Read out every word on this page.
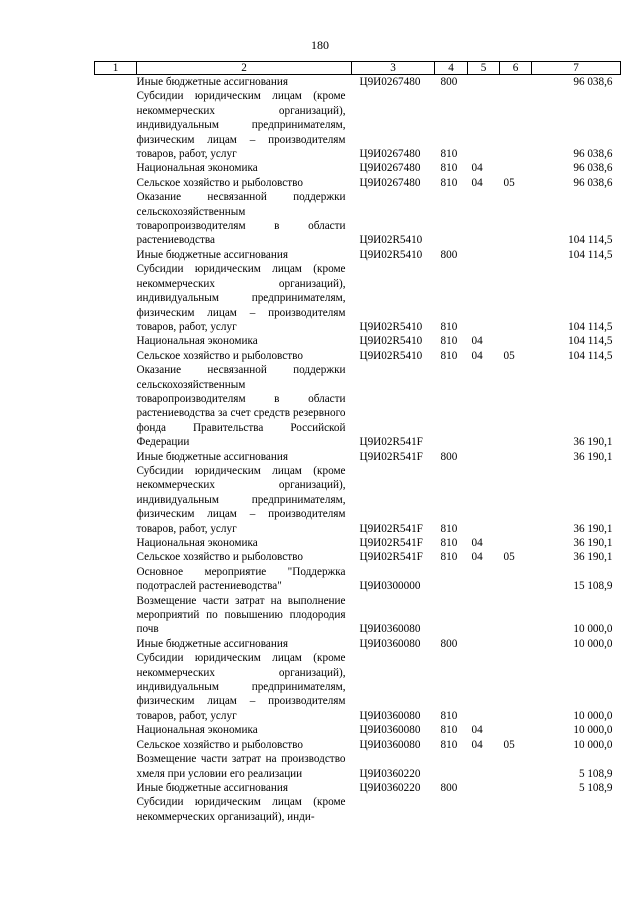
180
1	2	3	4	5	6	7
	Иные бюджетные ассигнования	Ц9И0267480	800			96 038,6
	Субсидии юридическим лицам (кроме некоммерческих организаций), индивидуальным предпринимателям, физическим лицам – производителям товаров, работ, услуг	Ц9И0267480	810			96 038,6
	Национальная экономика	Ц9И0267480	810	04		96 038,6
	Сельское хозяйство и рыболовство	Ц9И0267480	810	04	05	96 038,6
	Оказание несвязанной поддержки сельскохозяйственным товаропроизводителям в области растениеводства	Ц9И02R5410				104 114,5
	Иные бюджетные ассигнования	Ц9И02R5410	800			104 114,5
	Субсидии юридическим лицам (кроме некоммерческих организаций), индивидуальным предпринимателям, физическим лицам – производителям товаров, работ, услуг	Ц9И02R5410	810			104 114,5
	Национальная экономика	Ц9И02R5410	810	04		104 114,5
	Сельское хозяйство и рыболовство	Ц9И02R5410	810	04	05	104 114,5
	Оказание несвязанной поддержки сельскохозяйственным товаропроизводителям в области растениеводства за счет средств резервного фонда Правительства Российской Федерации	Ц9И02R541F				36 190,1
	Иные бюджетные ассигнования	Ц9И02R541F	800			36 190,1
	Субсидии юридическим лицам (кроме некоммерческих организаций), индивидуальным предпринимателям, физическим лицам – производителям товаров, работ, услуг	Ц9И02R541F	810			36 190,1
	Национальная экономика	Ц9И02R541F	810	04		36 190,1
	Сельское хозяйство и рыболовство	Ц9И02R541F	810	04	05	36 190,1
	Основное мероприятие "Поддержка подотраслей растениеводства"	Ц9И0300000				15 108,9
	Возмещение части затрат на выполнение мероприятий по повышению плодородия почв	Ц9И0360080				10 000,0
	Иные бюджетные ассигнования	Ц9И0360080	800			10 000,0
	Субсидии юридическим лицам (кроме некоммерческих организаций), индивидуальным предпринимателям, физическим лицам – производителям товаров, работ, услуг	Ц9И0360080	810			10 000,0
	Национальная экономика	Ц9И0360080	810	04		10 000,0
	Сельское хозяйство и рыболовство	Ц9И0360080	810	04	05	10 000,0
	Возмещение части затрат на производство хмеля при условии его реализации	Ц9И0360220				5 108,9
	Иные бюджетные ассигнования	Ц9И0360220	800			5 108,9
	Субсидии юридическим лицам (кроме некоммерческих организаций), инди-					
